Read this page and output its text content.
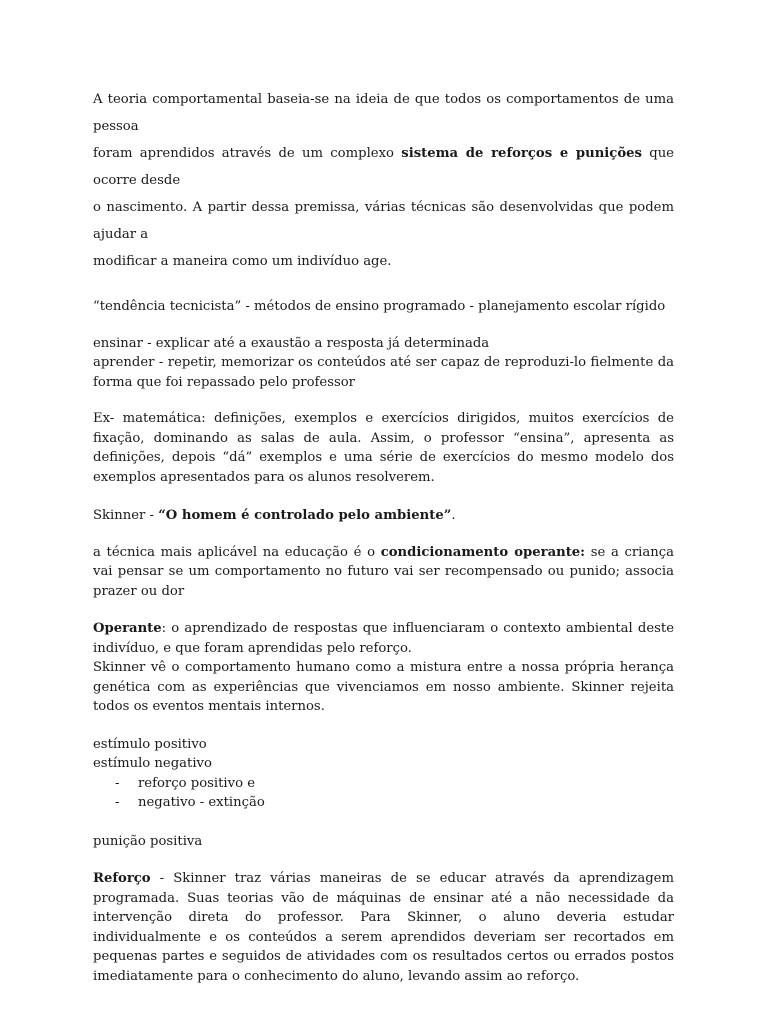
A teoria comportamental baseia-se na ideia de que todos os comportamentos de uma pessoa

foram aprendidos através de um complexo sistema de reforços e punições que ocorre desde

o nascimento. A partir dessa premissa, várias técnicas são desenvolvidas que podem ajudar a

modificar a maneira como um indivíduo age.

“tendência tecnicista” - métodos de ensino programado - planejamento escolar rígido

ensinar - explicar até a exaustão a resposta já determinada

aprender - repetir, memorizar os conteúdos até ser capaz de reproduzi-lo fielmente da forma que foi repassado pelo professor

Ex- matemática: definições, exemplos e exercícios dirigidos, muitos exercícios de fixação, dominando as salas de aula. Assim, o professor “ensina”, apresenta as definições, depois “dá” exemplos e uma série de exercícios do mesmo modelo dos exemplos apresentados para os alunos resolverem.

Skinner - “O homem é controlado pelo ambiente”.

a técnica mais aplicável na educação é o condicionamento operante: se a criança vai pensar se um comportamento no futuro vai ser recompensado ou punido; associa prazer ou dor

Operante: o aprendizado de respostas que influenciaram o contexto ambiental deste indivíduo, e que foram aprendidas pelo reforço.

Skinner vê o comportamento humano como a mistura entre a nossa própria herança genética com as experiências que vivenciamos em nosso ambiente. Skinner rejeita todos os eventos mentais internos.

estímulo positivo

estímulo negativo

- reforço positivo e
- negativo - extinção

punição positiva

Reforço - Skinner traz várias maneiras de se educar através da aprendizagem programada. Suas teorias vão de máquinas de ensinar até a não necessidade da intervenção direta do professor. Para Skinner, o aluno deveria estudar individualmente e os conteúdos a serem aprendidos deveriam ser recortados em pequenas partes e seguidos de atividades com os resultados certos ou errados postos imediatamente para o conhecimento do aluno, levando assim ao reforço.
